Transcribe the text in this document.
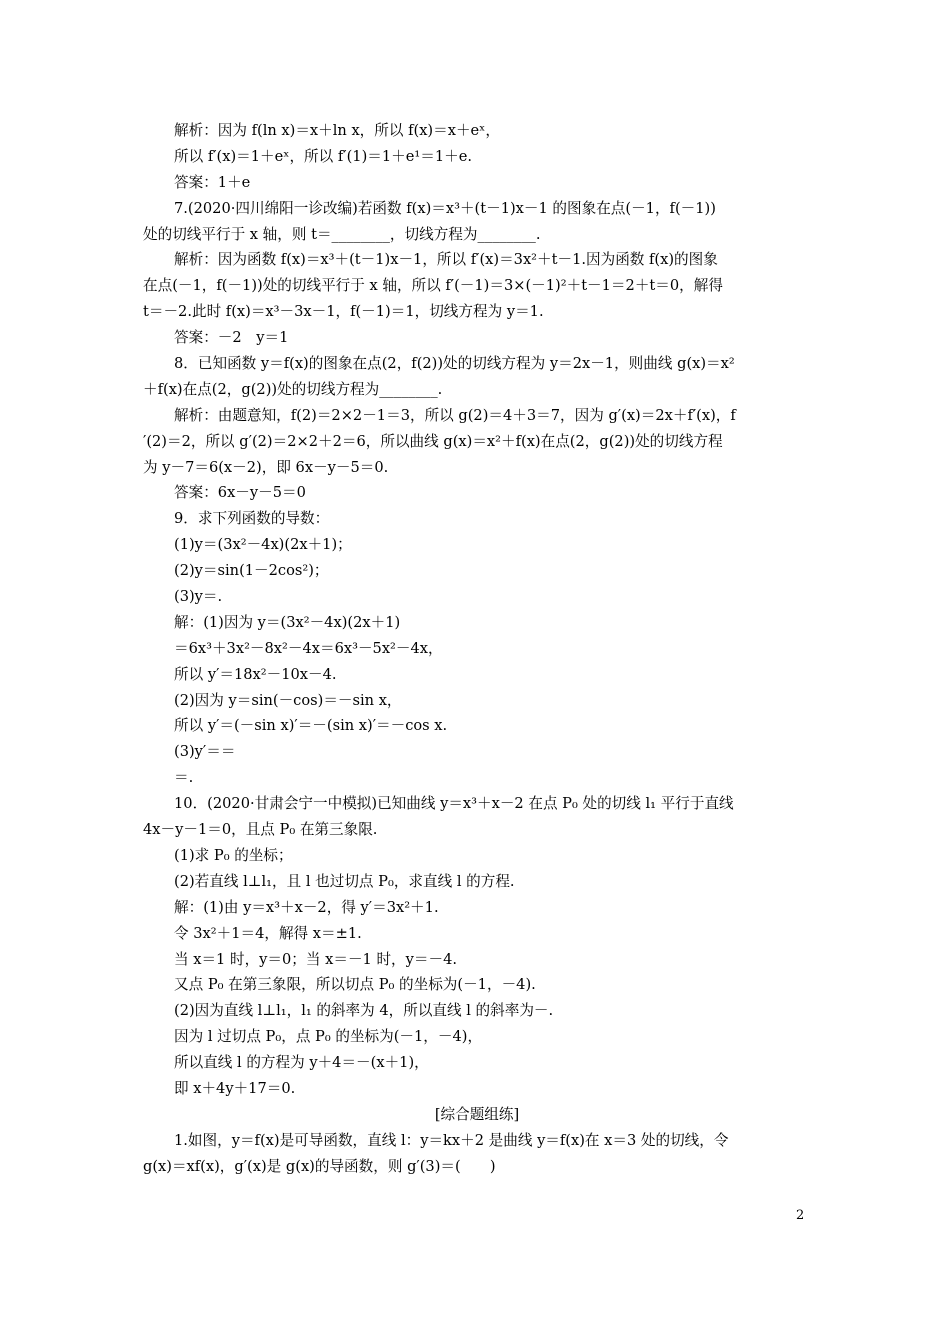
解析：因为 f(ln x)＝x＋ln x，所以 f(x)＝x＋eˣ，
所以 f′(x)＝1＋eˣ，所以 f′(1)＝1＋e¹＝1＋e.
答案：1＋e
7.(2020·四川绵阳一诊改编)若函数 f(x)＝x³＋(t－1)x－1 的图象在点(－1，f(－1))
处的切线平行于 x 轴，则 t＝________，切线方程为________.
解析：因为函数 f(x)＝x³＋(t－1)x－1，所以 f′(x)＝3x²＋t－1.因为函数 f(x)的图象
在点(－1，f(－1))处的切线平行于 x 轴，所以 f′(－1)＝3×(－1)²＋t－1＝2＋t＝0，解得
t＝－2.此时 f(x)＝x³－3x－1，f(－1)＝1，切线方程为 y＝1.
答案：－2　y＝1
8．已知函数 y＝f(x)的图象在点(2，f(2))处的切线方程为 y＝2x－1，则曲线 g(x)＝x²
＋f(x)在点(2，g(2))处的切线方程为________.
解析：由题意知，f(2)＝2×2－1＝3，所以 g(2)＝4＋3＝7，因为 g′(x)＝2x＋f′(x)，f
′(2)＝2，所以 g′(2)＝2×2＋2＝6，所以曲线 g(x)＝x²＋f(x)在点(2，g(2))处的切线方程
为 y－7＝6(x－2)，即 6x－y－5＝0.
答案：6x－y－5＝0
9．求下列函数的导数：
(1)y＝(3x²－4x)(2x＋1)；
(2)y＝sin(1－2cos²)；
(3)y＝.
解：(1)因为 y＝(3x²－4x)(2x＋1)
＝6x³＋3x²－8x²－4x＝6x³－5x²－4x，
所以 y′＝18x²－10x－4.
(2)因为 y＝sin(－cos)＝－sin x，
所以 y′＝(－sin x)′＝－(sin x)′＝－cos x.
(3)y′＝＝
＝.
10．(2020·甘肃会宁一中模拟)已知曲线 y＝x³＋x－2 在点 P₀ 处的切线 l₁ 平行于直线
4x－y－1＝0，且点 P₀ 在第三象限.
(1)求 P₀ 的坐标；
(2)若直线 l⊥l₁，且 l 也过切点 P₀，求直线 l 的方程.
解：(1)由 y＝x³＋x－2，得 y′＝3x²＋1.
令 3x²＋1＝4，解得 x＝±1.
当 x＝1 时，y＝0；当 x＝－1 时，y＝－4.
又点 P₀ 在第三象限，所以切点 P₀ 的坐标为(－1，－4).
(2)因为直线 l⊥l₁，l₁ 的斜率为 4，所以直线 l 的斜率为－.
因为 l 过切点 P₀，点 P₀ 的坐标为(－1，－4)，
所以直线 l 的方程为 y＋4＝－(x＋1)，
即 x＋4y＋17＝0.
[综合题组练]
1.如图，y＝f(x)是可导函数，直线 l：y＝kx＋2 是曲线 y＝f(x)在 x＝3 处的切线，令
g(x)＝xf(x)，g′(x)是 g(x)的导函数，则 g′(3)＝(　　)
2
